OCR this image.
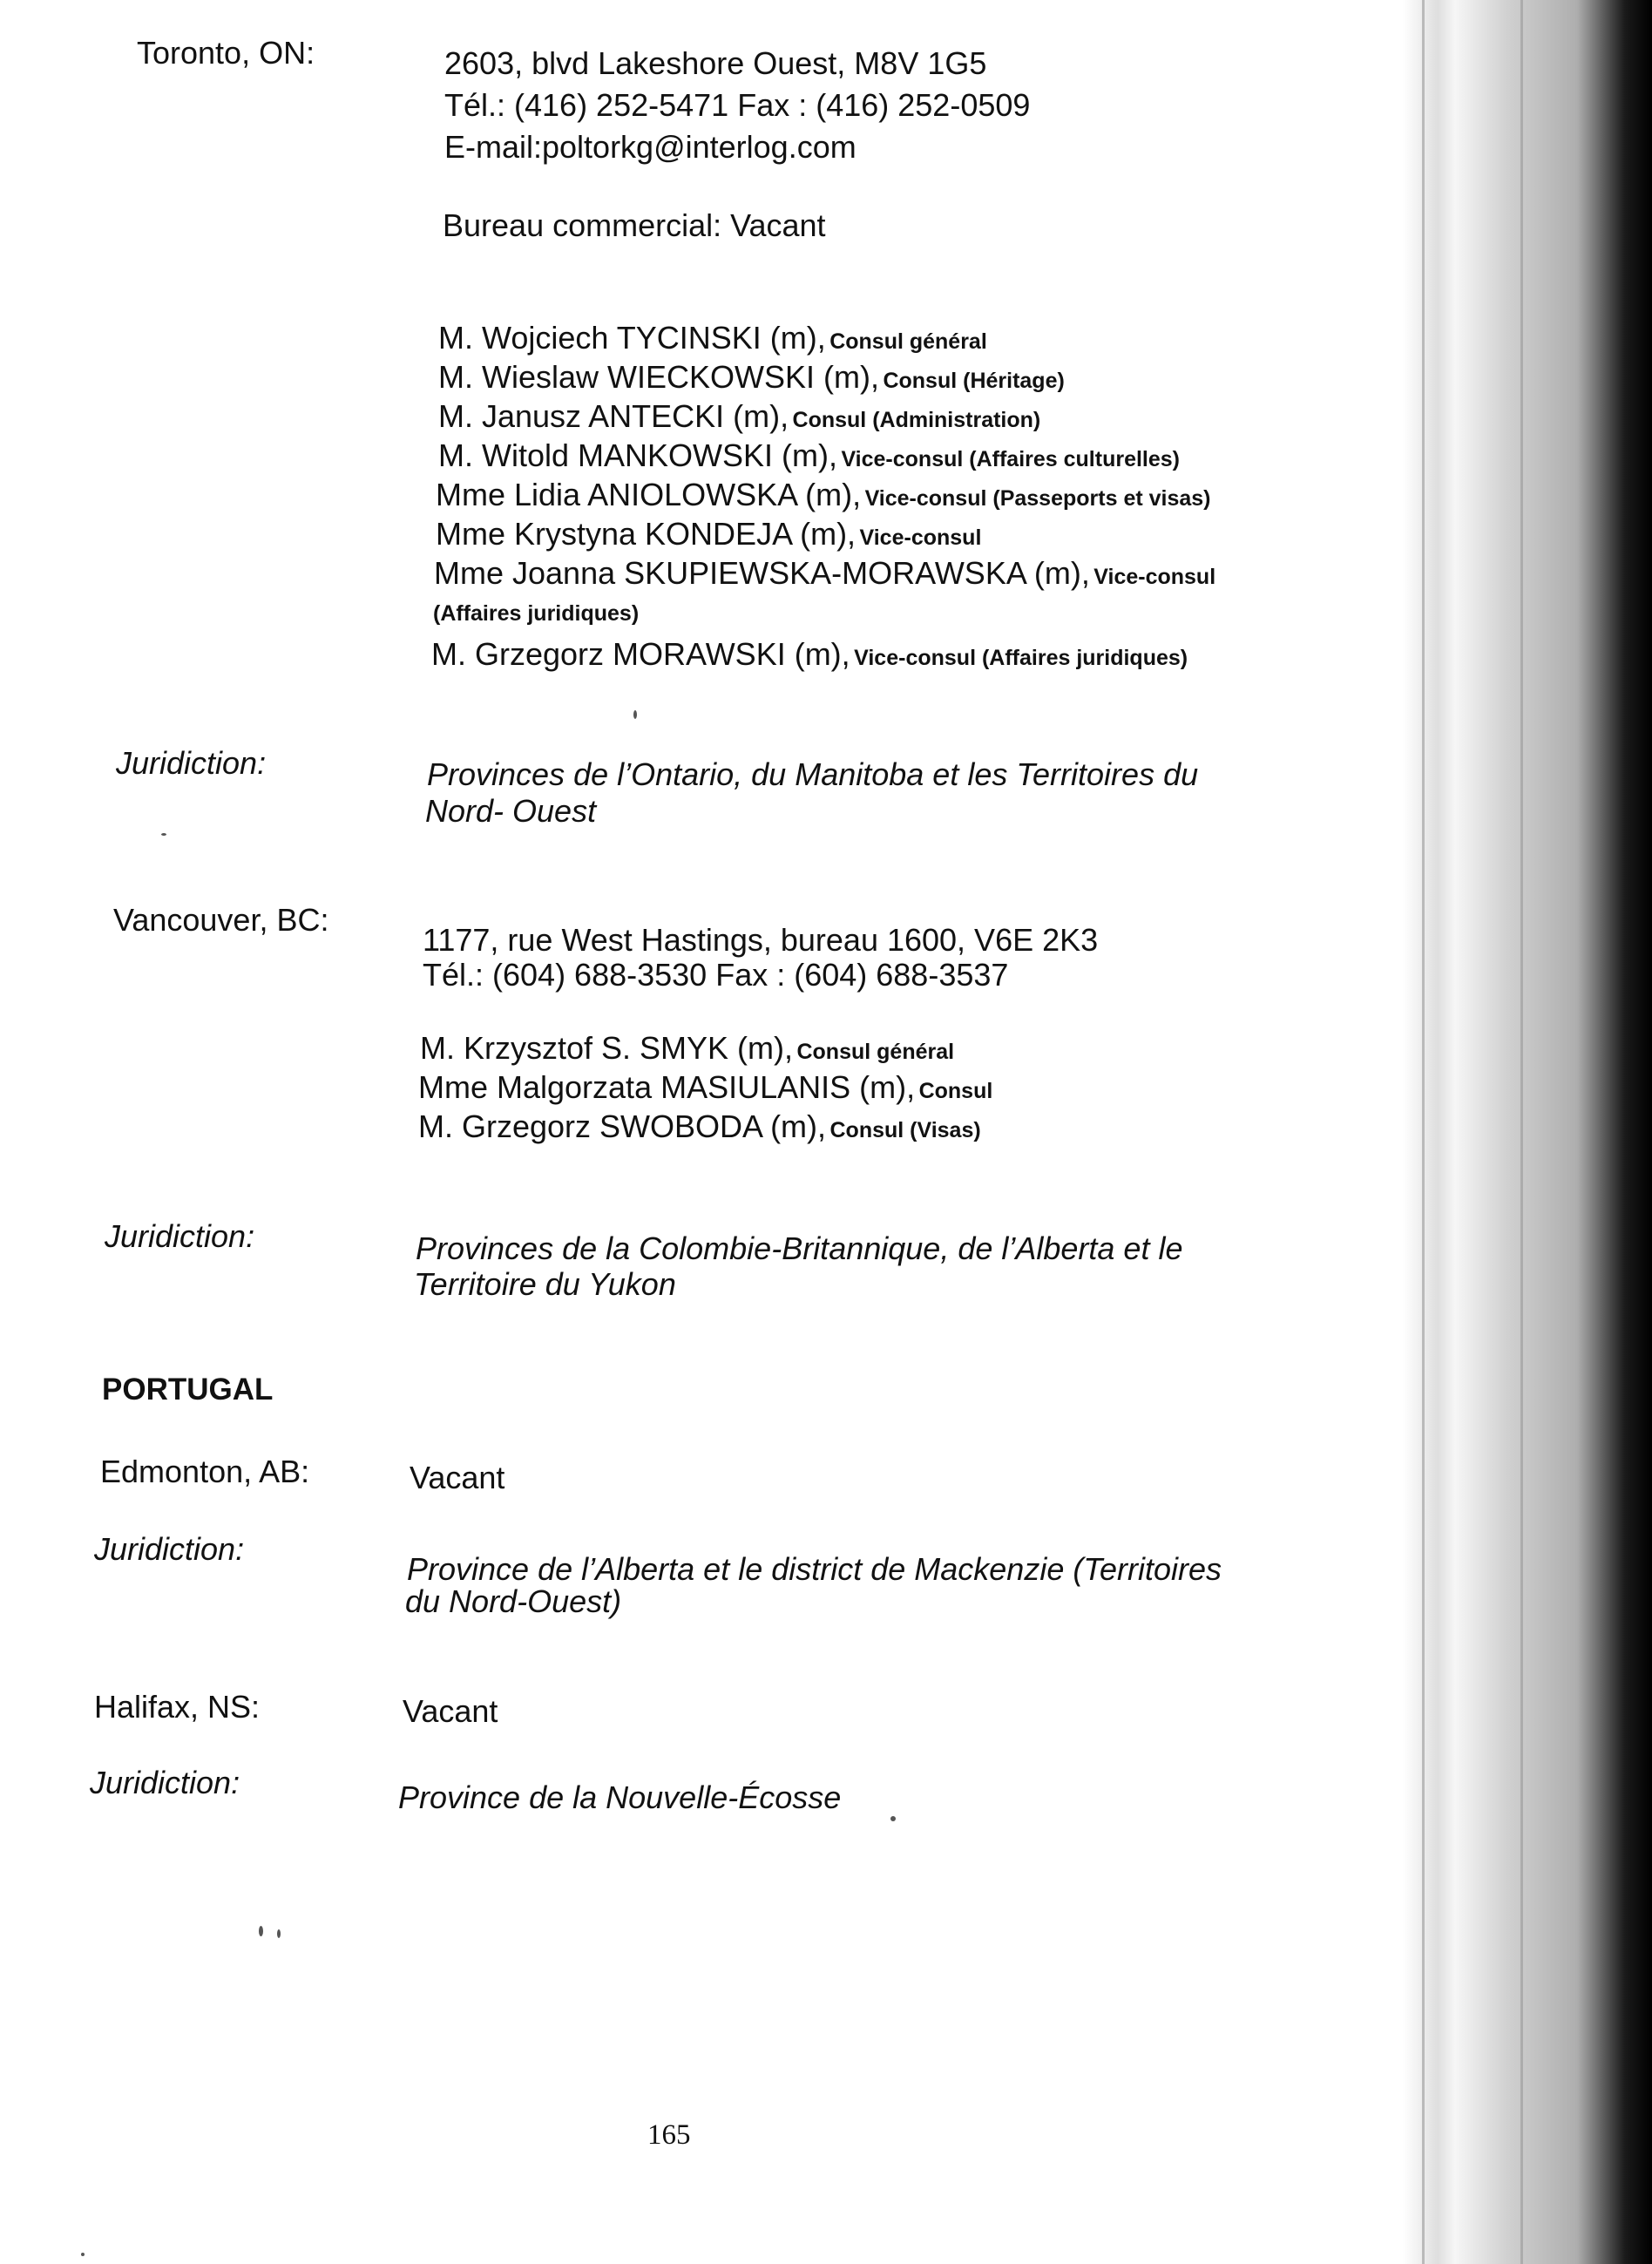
Toronto, ON:	2603, blvd Lakeshore Ouest, M8V 1G5
Tél.: (416) 252-5471 Fax : (416) 252-0509
E-mail:poltorkg@interlog.com
Bureau commercial: Vacant
M. Wojciech TYCINSKI (m), Consul général
M. Wieslaw WIECKOWSKI (m), Consul (Héritage)
M. Janusz ANTECKI (m), Consul (Administration)
M. Witold MANKOWSKI (m), Vice-consul (Affaires culturelles)
Mme Lidia ANIOLOWSKA (m), Vice-consul (Passeports et visas)
Mme Krystyna KONDEJA (m), Vice-consul
Mme Joanna SKUPIEWSKA-MORAWSKA (m), Vice-consul
(Affaires juridiques)
M. Grzegorz MORAWSKI (m), Vice-consul (Affaires juridiques)
Juridiction:	Provinces de l’Ontario, du Manitoba et les Territoires du
Nord- Ouest
Vancouver, BC:
1177, rue West Hastings, bureau 1600, V6E 2K3
Tél.: (604) 688-3530 Fax : (604) 688-3537
M. Krzysztof S. SMYK (m), Consul général
Mme Malgorzata MASIULANIS (m), Consul
M. Grzegorz SWOBODA (m), Consul (Visas)
Juridiction:	Provinces de la Colombie-Britannique, de l’Alberta et le
Territoire du Yukon
PORTUGAL
Edmonton, AB:	Vacant
Juridiction:
Province de l’Alberta et le district de Mackenzie (Territoires
du Nord-Ouest)
Halifax, NS:	Vacant
Juridiction:	Province de la Nouvelle-Écosse
165
